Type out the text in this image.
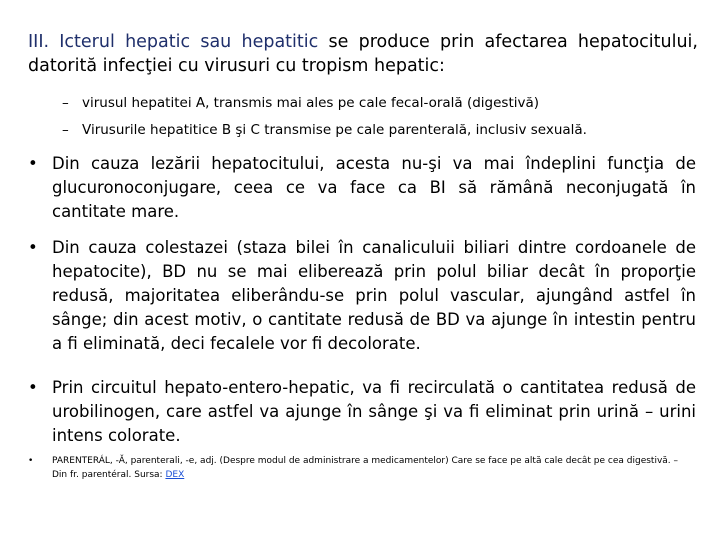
III. Icterul hepatic sau hepatitic se produce prin afectarea hepatocitului, datorită infecţiei cu virusuri cu tropism hepatic:
– virusul hepatitei A, transmis mai ales pe cale fecal-orală (digestivă)
– Virusurile hepatitice B şi C transmise pe cale parenterală, inclusiv sexuală.
• Din cauza lezării hepatocitului, acesta nu-şi va mai îndeplini funcţia de glucuronoconjugare, ceea ce va face ca BI să rămână neconjugată în cantitate mare.
• Din cauza colestazei (staza bilei în canaliculuii biliari dintre cordoanele de hepatocite), BD nu se mai eliberează prin polul biliar decât în proporţie redusă, majoritatea eliberându-se prin polul vascular, ajungând astfel în sânge; din acest motiv, o cantitate redusă de BD va ajunge în intestin pentru a fi eliminată, deci fecalele vor fi decolorate.
• Prin circuitul hepato-entero-hepatic, va fi recirculată o cantitatea redusă de urobilinogen, care astfel va ajunge în sânge şi va fi eliminat prin urină – urini intens colorate.
• PARENTERÁL, -Ă, parenterali, -e, adj. (Despre modul de administrare a medicamentelor) Care se face pe altă cale decât pe cea digestivă. – Din fr. parentéral. Sursa: DEX
